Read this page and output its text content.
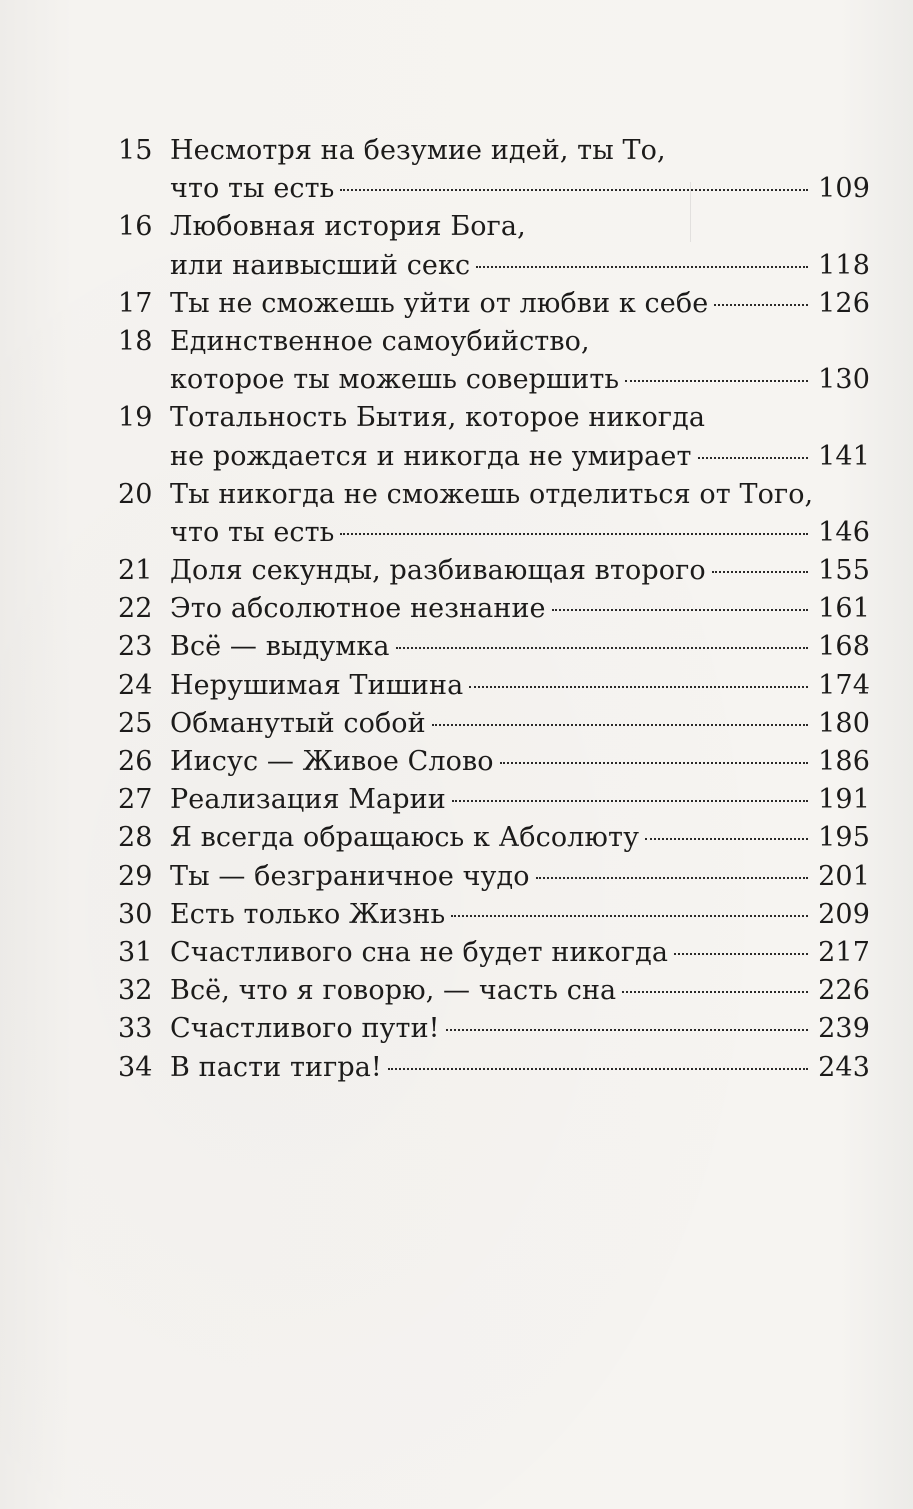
15 Несмотря на безумие идей, ты То,
что ты есть	109
16 Любовная история Бога,
или наивысший секс	118
17 Ты не сможешь уйти от любви к себе	126
18 Единственное самоубийство,
которое ты можешь совершить	130
19 Тотальность Бытия, которое никогда
не рождается и никогда не умирает	141
20 Ты никогда не сможешь отделиться от Того,
что ты есть	146
21 Доля секунды, разбивающая второго	155
22 Это абсолютное незнание	161
23 Всё — выдумка	168
24 Нерушимая Тишина	174
25 Обманутый собой	180
26 Иисус — Живое Слово	186
27 Реализация Марии	191
28 Я всегда обращаюсь к Абсолюту	195
29 Ты — безграничное чудо	201
30 Есть только Жизнь	209
31 Счастливого сна не будет никогда	217
32 Всё, что я говорю, — часть сна	226
33 Счастливого пути!	239
34 В пасти тигра!	243
